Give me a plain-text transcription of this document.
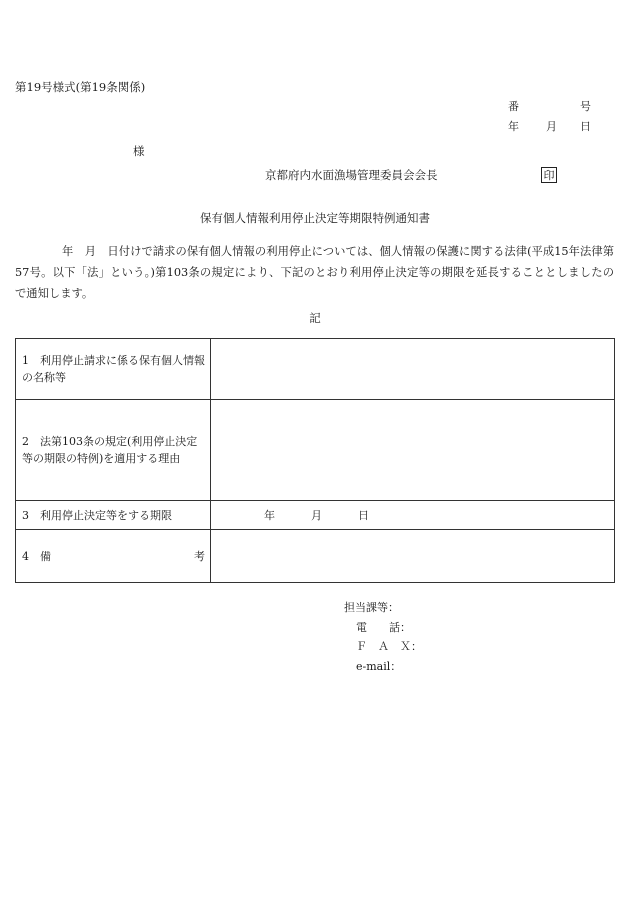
第19号様式(第19条関係)
番	号
年 月 日
様
京都府内水面漁場管理委員会会長	印
保有個人情報利用停止決定等期限特例通知書
年　月　日付けで請求の保有個人情報の利用停止については、個人情報の保護に関する法律(平成15年法律第57号。以下「法」という。)第103条の規定により、下記のとおり利用停止決定等の期限を延長することとしましたので通知します。
記
1 利用停止請求に係る保有個人情報の名称等	
2 法第103条の規定(利用停止決定等の期限の特例)を適用する理由	
3 利用停止決定等をする期限	年 月 日

4 備 考	

担当課等：
電　　話：
Ｆ　Ａ　Ｘ：
e-mail：
